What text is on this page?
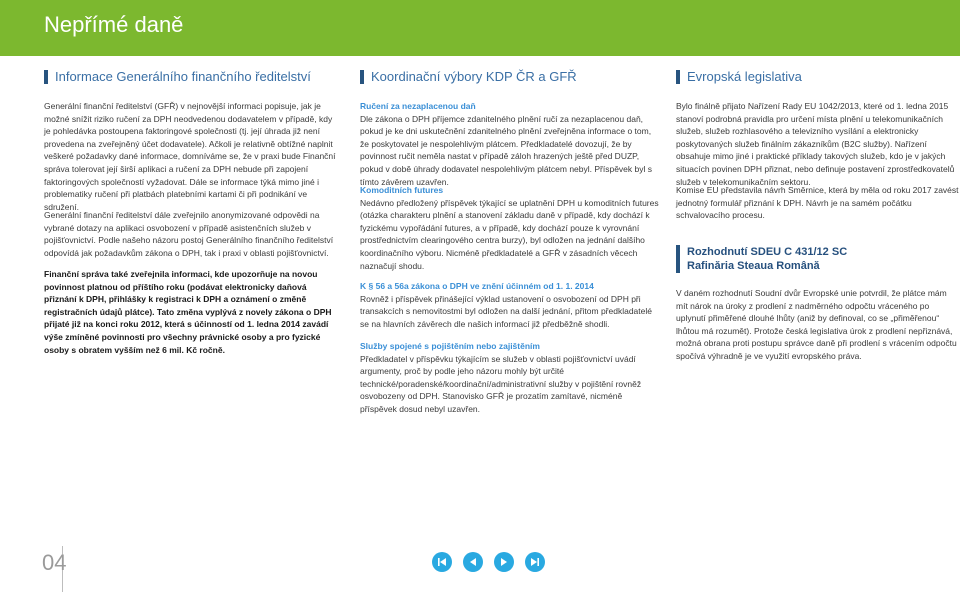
Nepřímé daně
Informace Generálního finančního ředitelství

Generální finanční ředitelství (GFŘ) v nejnovější informaci popisuje, jak je možné snížit riziko ručení za DPH neodvedenou dodavatelem v případě, kdy je pohledávka postoupena faktoringové společnosti (tj. její úhrada již není provedena na zveřejněný účet dodavatele). Ačkoli je relativně obtížné naplnit veškeré požadavky dané informace, domníváme se, že v praxi bude Finanční správa tolerovat její širší aplikaci a ručení za DPH nebude při zapojení faktoringových společností vyžadovat. Dále se informace týká mimo jiné i problematiky ručení při platbách platebními kartami či při podnikání ve sdružení.

Generální finanční ředitelství dále zveřejnilo anonymizované odpovědi na vybrané dotazy na aplikaci osvobození v případě asistenčních služeb v pojišťovnictví. Podle našeho názoru postoj Generálního finančního ředitelství odpovídá jak požadavkům zákona o DPH, tak i praxi v oblasti pojišťovnictví.

Finanční správa také zveřejnila informaci, kde upozorňuje na novou povinnost platnou od příštího roku (podávat elektronicky daňová přiznání k DPH, přihlášky k registraci k DPH a oznámení o změně registračních údajů plátce). Tato změna vyplývá z novely zákona o DPH přijaté již na konci roku 2012, která s účinností od 1. ledna 2014 zavádí výše zmíněné povinnosti pro všechny právnické osoby a pro fyzické osoby s obratem vyšším než 6 mil. Kč ročně.

Koordinační výbory KDP ČR a GFŘ

Ručení za nezaplacenou daň

Dle zákona o DPH příjemce zdanitelného plnění ručí za nezaplacenou daň, pokud je ke dni uskutečnění zdanitelného plnění zveřejněna informace o tom, že poskytovatel je nespolehlivým plátcem. Předkladatelé dovozují, že by povinnost ručit neměla nastat v případě záloh hrazených ještě před DUZP, pokud v době úhrady dodavatel nespolehlivým plátcem nebyl. Příspěvek byl s tímto závěrem uzavřen.

Komoditních futures

Nedávno předložený příspěvek týkající se uplatnění DPH u komoditních futures (otázka charakteru plnění a stanovení základu daně v případě, kdy dochází k fyzickému vypořádání futures, a v případě, kdy dochází pouze k vyrovnání prostřednictvím clearingového centra burzy), byl odložen na jednání dalšího koordinačního výboru. Nicméně předkladatelé a GFŘ v zásadních věcech naznačují shodu.

K § 56 a 56a zákona o DPH ve znění účinném od 1. 1. 2014

Rovněž i příspěvek přinášející výklad ustanovení o osvobození od DPH při transakcích s nemovitostmi byl odložen na další jednání, přitom předkladatelé se na hlavních závěrech dle našich informací již předběžně shodli.

Služby spojené s pojištěním nebo zajištěním

Předkladatel v příspěvku týkajícím se služeb v oblasti pojišťovnictví uvádí argumenty, proč by podle jeho názoru mohly být určité technické/poradenské/koordinační/administrativní služby v pojištění rovněž osvobozeny od DPH. Stanovisko GFŘ je prozatím zamítavé, nicméně příspěvek dosud nebyl uzavřen.

Evropská legislativa

Bylo finálně přijato Nařízení Rady EU 1042/2013, které od 1. ledna 2015 stanoví podrobná pravidla pro určení místa plnění u telekomunikačních služeb, služeb rozhlasového a televizního vysílání a elektronicky poskytovaných služeb finálním zákazníkům (B2C služby). Nařízení obsahuje mimo jiné i praktické příklady takových služeb, kdo je v jakých situacích povinen DPH přiznat, nebo definuje postavení zprostředkovatelů služeb v telekomunikačním sektoru.

Komise EU představila návrh Směrnice, která by měla od roku 2017 zavést jednotný formulář přiznání k DPH. Návrh je na samém počátku schvalovacího procesu.

Rozhodnutí SDEU C 431/12 SC
Rafinăria Steaua Română

V daném rozhodnutí Soudní dvůr Evropské unie potvrdil, že plátce mám mít nárok na úroky z prodlení z nadměrného odpočtu vráceného po uplynutí přiměřené dlouhé lhůty (aniž by definoval, co se „přiměřenou“ lhůtou má rozumět). Protože česká legislativa úrok z prodlení nepřiznává, možná obrana proti postupu správce daně při prodlení s vrácením odpočtu spočívá výhradně je ve využití evropského práva.

04
